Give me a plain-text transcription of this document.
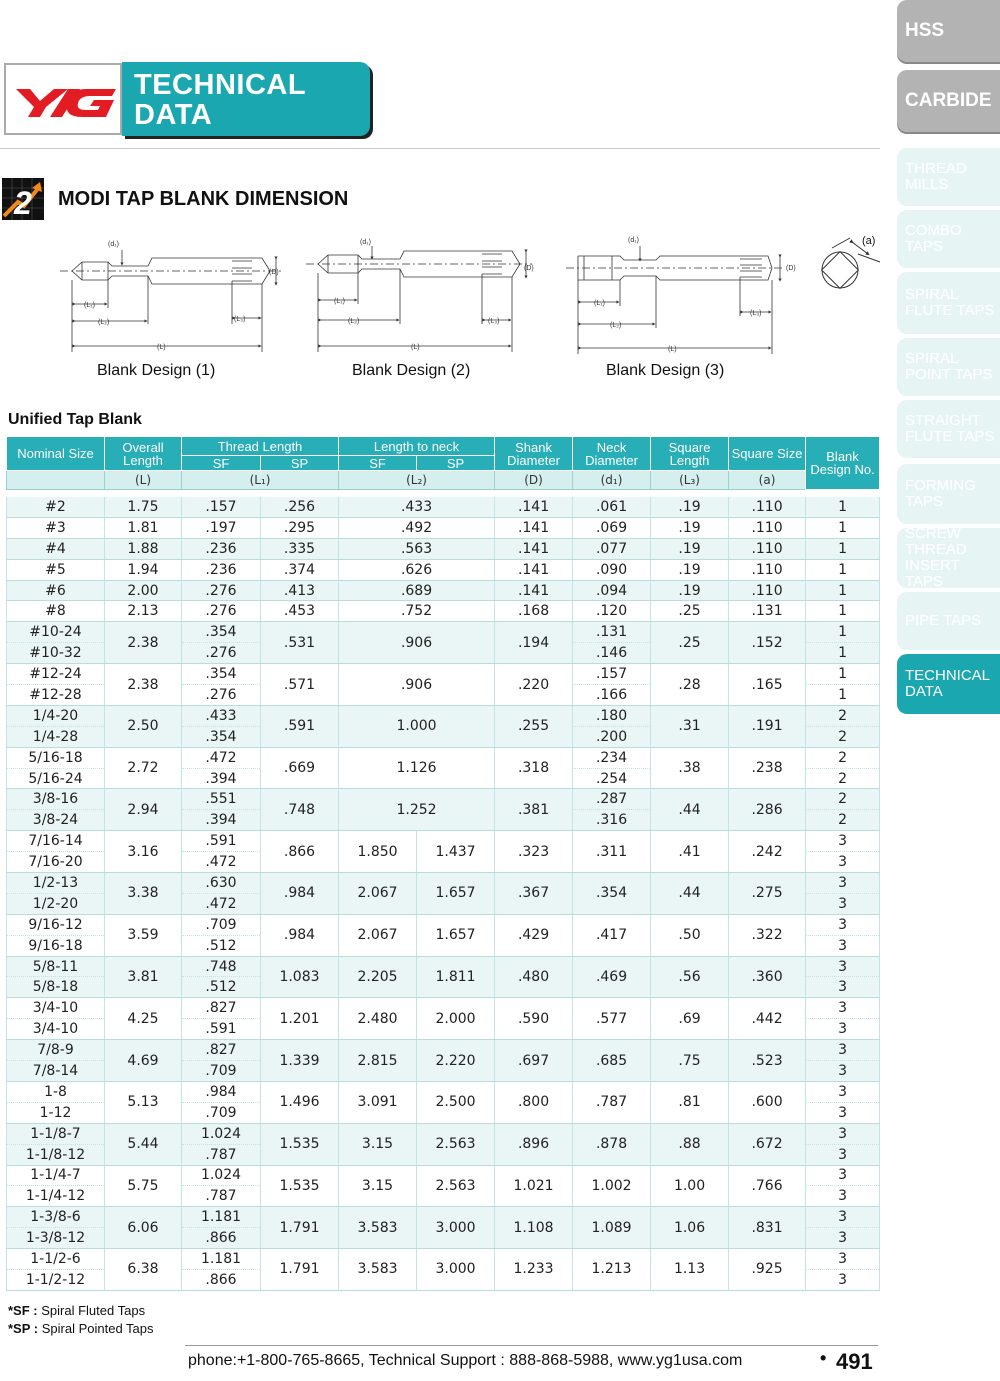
TECHNICAL
DATA
2 MODI TAP BLANK DIMENSION
(d₁)
(D)
(L₁)
(L₂)	(L₃)
(L)
(d₁)
(D)
(L₁)
(L₂)	(L₃)
(L)
(d₁)
(D)
(L₁)
(L₂)
(L₃)
(L)
(a)
Blank Design (1)	Blank Design (2)	Blank Design (3)
Unified Tap Blank
Nominal Size	Overall Length	Thread Length		Length to neck		Shank Diameter	Neck Diameter	Square Length	Square Size	Blank Design No.
		SF	SP	SF	SP					
	(L)	(L₁)		(L₂)		(D)	(d₁)	(L₃)	(a)	

#2	1.75	.157	.256	.433		.141	.061	.19	.110	1
#3	1.81	.197	.295	.492		.141	.069	.19	.110	1
#4	1.88	.236	.335	.563		.141	.077	.19	.110	1
#5	1.94	.236	.374	.626		.141	.090	.19	.110	1
#6	2.00	.276	.413	.689		.141	.094	.19	.110	1
#8	2.13	.276	.453	.752		.168	.120	.25	.131	1
#10-24	2.38	.354	.531	.906		.194	.131	.25	.152	1
#10-32		.276					.146			1
#12-24	2.38	.354	.571	.906		.220	.157	.28	.165	1
#12-28		.276					.166			1
1/4-20	2.50	.433	.591	1.000		.255	.180	.31	.191	2
1/4-28		.354					.200			2
5/16-18	2.72	.472	.669	1.126		.318	.234	.38	.238	2
5/16-24		.394					.254			2
3/8-16	2.94	.551	.748	1.252		.381	.287	.44	.286	2
3/8-24		.394					.316			2
7/16-14	3.16	.591	.866	1.850	1.437	.323	.311	.41	.242	3
7/16-20		.472								3
1/2-13	3.38	.630	.984	2.067	1.657	.367	.354	.44	.275	3
1/2-20		.472								3
9/16-12	3.59	.709	.984	2.067	1.657	.429	.417	.50	.322	3
9/16-18		.512								3
5/8-11	3.81	.748	1.083	2.205	1.811	.480	.469	.56	.360	3
5/8-18		.512								3
3/4-10	4.25	.827	1.201	2.480	2.000	.590	.577	.69	.442	3
3/4-10		.591								3
7/8-9	4.69	.827	1.339	2.815	2.220	.697	.685	.75	.523	3
7/8-14		.709								3
1-8	5.13	.984	1.496	3.091	2.500	.800	.787	.81	.600	3
1-12		.709								3
1-1/8-7	5.44	1.024	1.535	3.15	2.563	.896	.878	.88	.672	3
1-1/8-12		.787								3
1-1/4-7	5.75	1.024	1.535	3.15	2.563	1.021	1.002	1.00	.766	3
1-1/4-12		.787								3
1-3/8-6	6.06	1.181	1.791	3.583	3.000	1.108	1.089	1.06	.831	3
1-3/8-12		.866								3
1-1/2-6	6.38	1.181	1.791	3.583	3.000	1.233	1.213	1.13	.925	3
1-1/2-12		.866								3
*SF : Spiral Fluted Taps
*SP : Spiral Pointed Taps
phone:+1-800-765-8665, Technical Support : 888-868-5988, www.yg1usa.com	• 491
HSS
CARBIDE
THREAD MILLS
COMBO TAPS
SPIRAL FLUTE TAPS
SPIRAL POINT TAPS
STRAIGHT FLUTE TAPS
FORMING TAPS
SCREW THREAD INSERT TAPS
PIPE TAPS
TECHNICAL DATA
